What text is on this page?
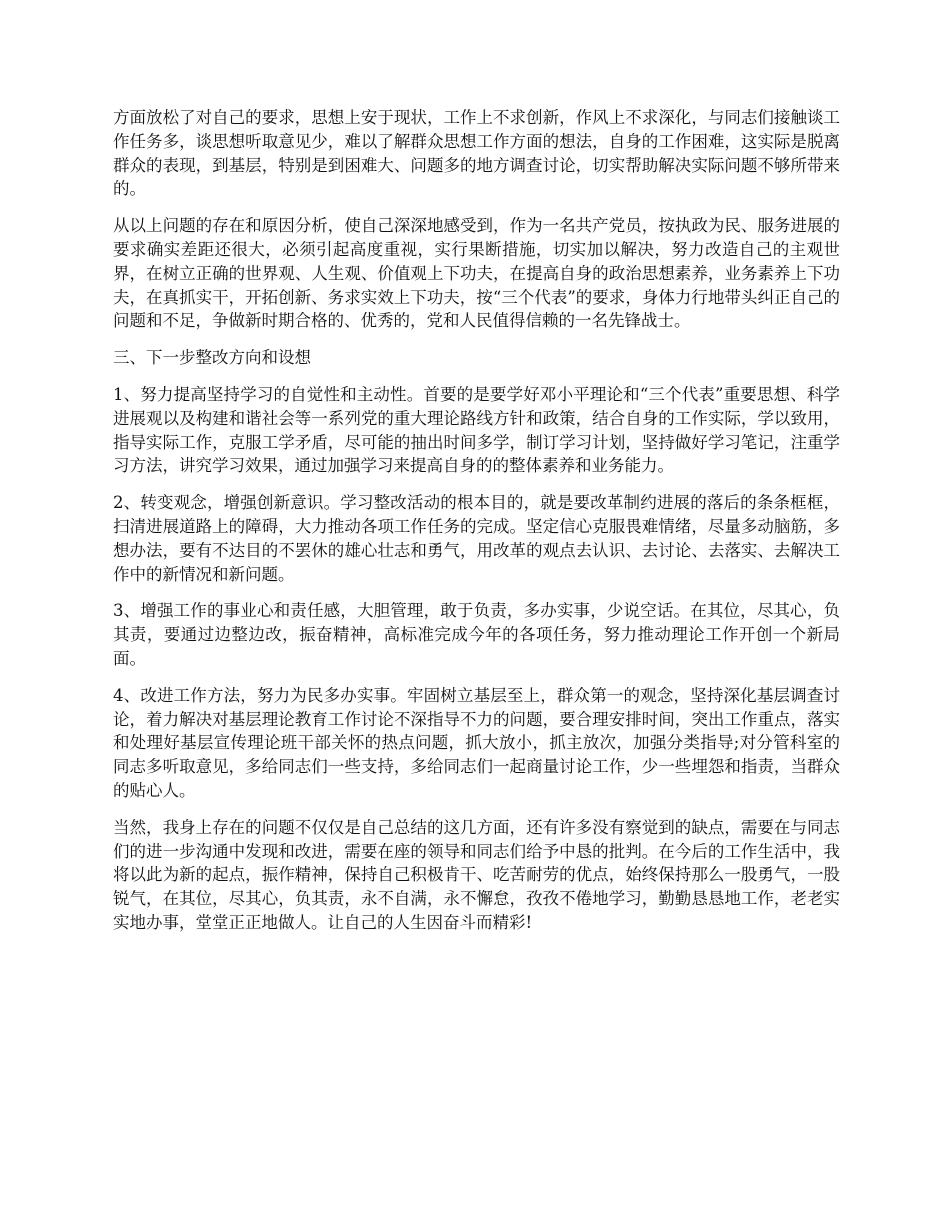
方面放松了对自己的要求，思想上安于现状，工作上不求创新，作风上不求深化，与同志们接触谈工作任务多，谈思想听取意见少，难以了解群众思想工作方面的想法，自身的工作困难，这实际是脱离群众的表现，到基层，特别是到困难大、问题多的地方调查讨论，切实帮助解决实际问题不够所带来的。

从以上问题的存在和原因分析，使自己深深地感受到，作为一名共产党员，按执政为民、服务进展的要求确实差距还很大，必须引起高度重视，实行果断措施，切实加以解决，努力改造自己的主观世界，在树立正确的世界观、人生观、价值观上下功夫，在提高自身的政治思想素养，业务素养上下功夫，在真抓实干，开拓创新、务求实效上下功夫，按“三个代表”的要求，身体力行地带头纠正自己的问题和不足，争做新时期合格的、优秀的，党和人民值得信赖的一名先锋战士。

三、下一步整改方向和设想

1、努力提高坚持学习的自觉性和主动性。首要的是要学好邓小平理论和“三个代表”重要思想、科学进展观以及构建和谐社会等一系列党的重大理论路线方针和政策，结合自身的工作实际，学以致用，指导实际工作，克服工学矛盾，尽可能的抽出时间多学，制订学习计划，坚持做好学习笔记，注重学习方法，讲究学习效果，通过加强学习来提高自身的的整体素养和业务能力。

2、转变观念，增强创新意识。学习整改活动的根本目的，就是要改革制约进展的落后的条条框框，扫清进展道路上的障碍，大力推动各项工作任务的完成。坚定信心克服畏难情绪，尽量多动脑筋，多想办法，要有不达目的不罢休的雄心壮志和勇气，用改革的观点去认识、去讨论、去落实、去解决工作中的新情况和新问题。

3、增强工作的事业心和责任感，大胆管理，敢于负责，多办实事，少说空话。在其位，尽其心，负其责，要通过边整边改，振奋精神，高标准完成今年的各项任务，努力推动理论工作开创一个新局面。

4、改进工作方法，努力为民多办实事。牢固树立基层至上，群众第一的观念，坚持深化基层调查讨论，着力解决对基层理论教育工作讨论不深指导不力的问题，要合理安排时间，突出工作重点，落实和处理好基层宣传理论班干部关怀的热点问题，抓大放小，抓主放次，加强分类指导;对分管科室的同志多听取意见，多给同志们一些支持，多给同志们一起商量讨论工作，少一些埋怨和指责，当群众的贴心人。

当然，我身上存在的问题不仅仅是自己总结的这几方面，还有许多没有察觉到的缺点，需要在与同志们的进一步沟通中发现和改进，需要在座的领导和同志们给予中恳的批判。在今后的工作生活中，我将以此为新的起点，振作精神，保持自己积极肯干、吃苦耐劳的优点，始终保持那么一股勇气，一股锐气，在其位，尽其心，负其责，永不自满，永不懈怠，孜孜不倦地学习，勤勤恳恳地工作，老老实实地办事，堂堂正正地做人。让自己的人生因奋斗而精彩!
